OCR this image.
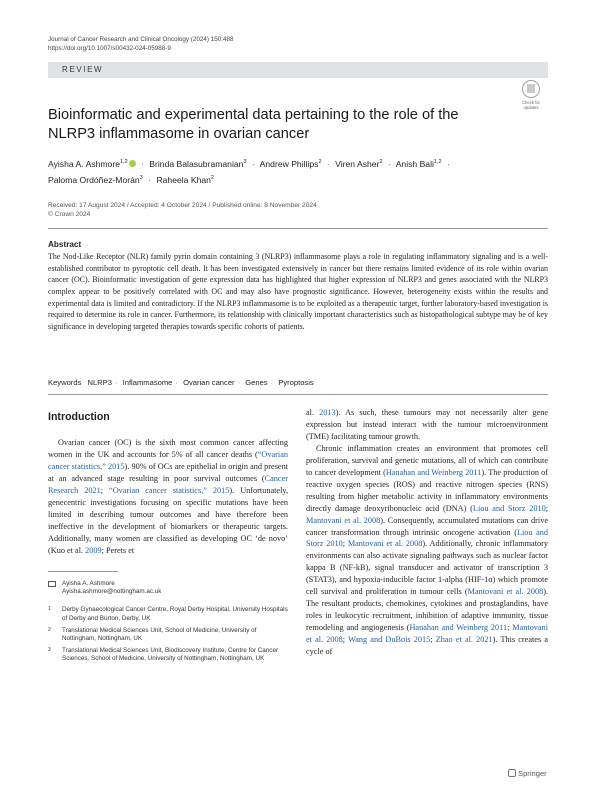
Journal of Cancer Research and Clinical Oncology (2024) 150:488
https://doi.org/10.1007/s00432-024-05988-9
REVIEW
Check for
updates
Bioinformatic and experimental data pertaining to the role of the
NLRP3 inflammasome in ovarian cancer
Ayisha A. Ashmore$^{1,2}$ · Brinda Balasubramanian$^3$ · Andrew Phillips$^2$ · Viren Asher$^2$ · Anish Bali$^{1,2}$ ·
Paloma Ordóñez-Morán$^3$ · Raheela Khan$^2$
Received: 17 August 2024 / Accepted: 4 October 2024 / Published online: 8 November 2024
© Crown 2024
Abstract
The Nod-Like Receptor (NLR) family pyrin domain containing 3 (NLRP3) inflammasome plays a role in regulating inflammatory signaling and is a well-established contributor to pyroptotic cell death. It has been investigated extensively in cancer but there remains limited evidence of its role within ovarian cancer (OC). Bioinformatic investigation of gene expression data has highlighted that higher expression of NLRP3 and genes associated with the NLRP3 complex appear to be positively correlated with OC and may also have prognostic significance. However, heterogeneity exists within the results and experimental data is limited and contradictory. If the NLRP3 inflammasome is to be exploited as a therapeutic target, further laboratory-based investigation is required to determine its role in cancer. Furthermore, its relationship with clinically important characteristics such as histopathological subtype may be of key significance in developing targeted therapies towards specific cohorts of patients.
Keywords NLRP3 · Inflammasome · Ovarian cancer · Genes · Pyroptosis
Introduction

Ovarian cancer (OC) is the sixth most common cancer affecting women in the UK and accounts for 5% of all cancer deaths (“Ovarian cancer statistics,” 2015). 90% of OCs are epithelial in origin and present at an advanced stage resulting in poor survival outcomes (Cancer Research 2021; “Ovarian cancer statistics,” 2015). Unfortunately, genecentric investigations focusing on specific mutations have been limited in describing tumour outcomes and have therefore been ineffective in the development of biomarkers or therapeutic targets. Additionally, many women are classified as developing OC ‘de novo’ (Kuo et al. 2009; Perets et

al. 2013). As such, these tumours may not necessarily alter gene expression but instead interact with the tumour microenvironment (TME) facilitating tumour growth.

Chronic inflammation creates an environment that promotes cell proliferation, survival and genetic mutations, all of which can contribute to cancer development (Hanahan and Weinberg 2011). The production of reactive oxygen species (ROS) and reactive nitrogen species (RNS) resulting from higher metabolic activity in inflammatory environments directly damage deoxyribonucleic acid (DNA) (Liou and Storz 2010; Mantovani et al. 2008). Consequently, accumulated mutations can drive cancer transformation through intrinsic oncogene activation (Liou and Storz 2010; Mantovani et al. 2008). Additionally, chronic inflammatory environments can also activate signaling pathways such as nuclear factor kappa B (NF-kB), signal transducer and activator of transcription 3 (STAT3), and hypoxia-inducible factor 1-alpha (HIF-1α) which promote cell survival and proliferation in tumour cells (Mantovani et al. 2008). The resultant products, chemokines, cytokines and prostaglandins, have roles in leukocytic recruitment, inhibition of adaptive immunity, tissue remodeling and angiogenesis (Hanahan and Weinberg 2011; Mantovani et al. 2008; Wang and DuBois 2015; Zhao et al. 2021). This creates a cycle of

Ayisha A. Ashmore
Ayisha.ashmore@nottingham.ac.uk
1 Derby Gynaecological Cancer Centre, Royal Derby Hospital, University Hospitals of Derby and Burton, Derby, UK
2 Translational Medical Sciences Unit, School of Medicine, University of Nottingham, Nottingham, UK
3 Translational Medical Sciences Unit, Biodiscovery Institute, Centre for Cancer Sciences, School of Medicine, University of Nottingham, Nottingham, UK
Springer
